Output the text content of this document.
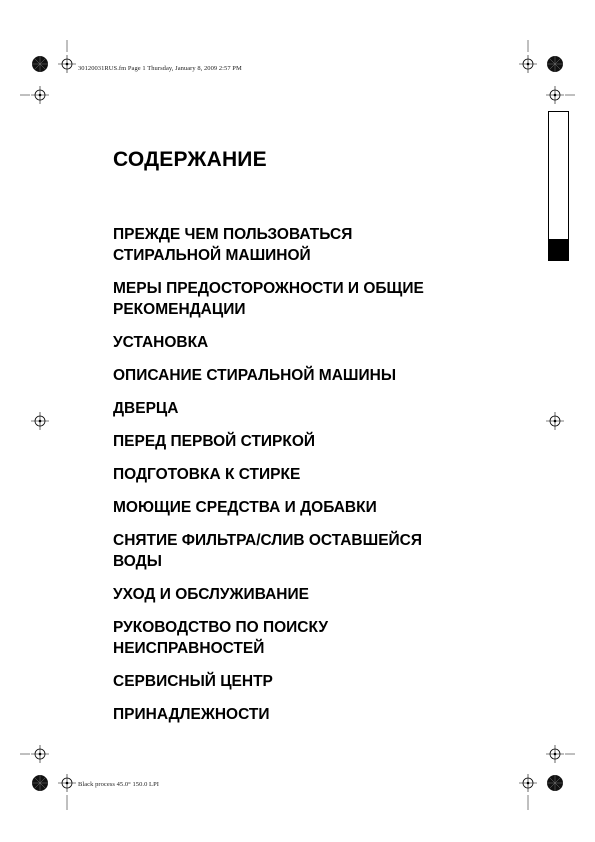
30120031RUS.fm Page 1 Thursday, January 8, 2009 2:57 PM
Black process 45.0° 150.0 LPI
СОДЕРЖАНИЕ
ПРЕЖДЕ ЧЕМ ПОЛЬЗОВАТЬСЯ
СТИРАЛЬНОЙ МАШИНОЙ
МЕРЫ ПРЕДОСТОРОЖНОСТИ И ОБЩИЕ
РЕКОМЕНДАЦИИ
УСТАНОВКА
ОПИСАНИЕ СТИРАЛЬНОЙ МАШИНЫ
ДВЕРЦА
ПЕРЕД ПЕРВОЙ СТИРКОЙ
ПОДГОТОВКА К СТИРКЕ
МОЮЩИЕ СРЕДСТВА И ДОБАВКИ
СНЯТИЕ ФИЛЬТРА/СЛИВ ОСТАВШЕЙСЯ
ВОДЫ
УХОД И ОБСЛУЖИВАНИЕ
РУКОВОДСТВО ПО ПОИСКУ
НЕИСПРАВНОСТЕЙ
СЕРВИСНЫЙ ЦЕНТР
ПРИНАДЛЕЖНОСТИ
